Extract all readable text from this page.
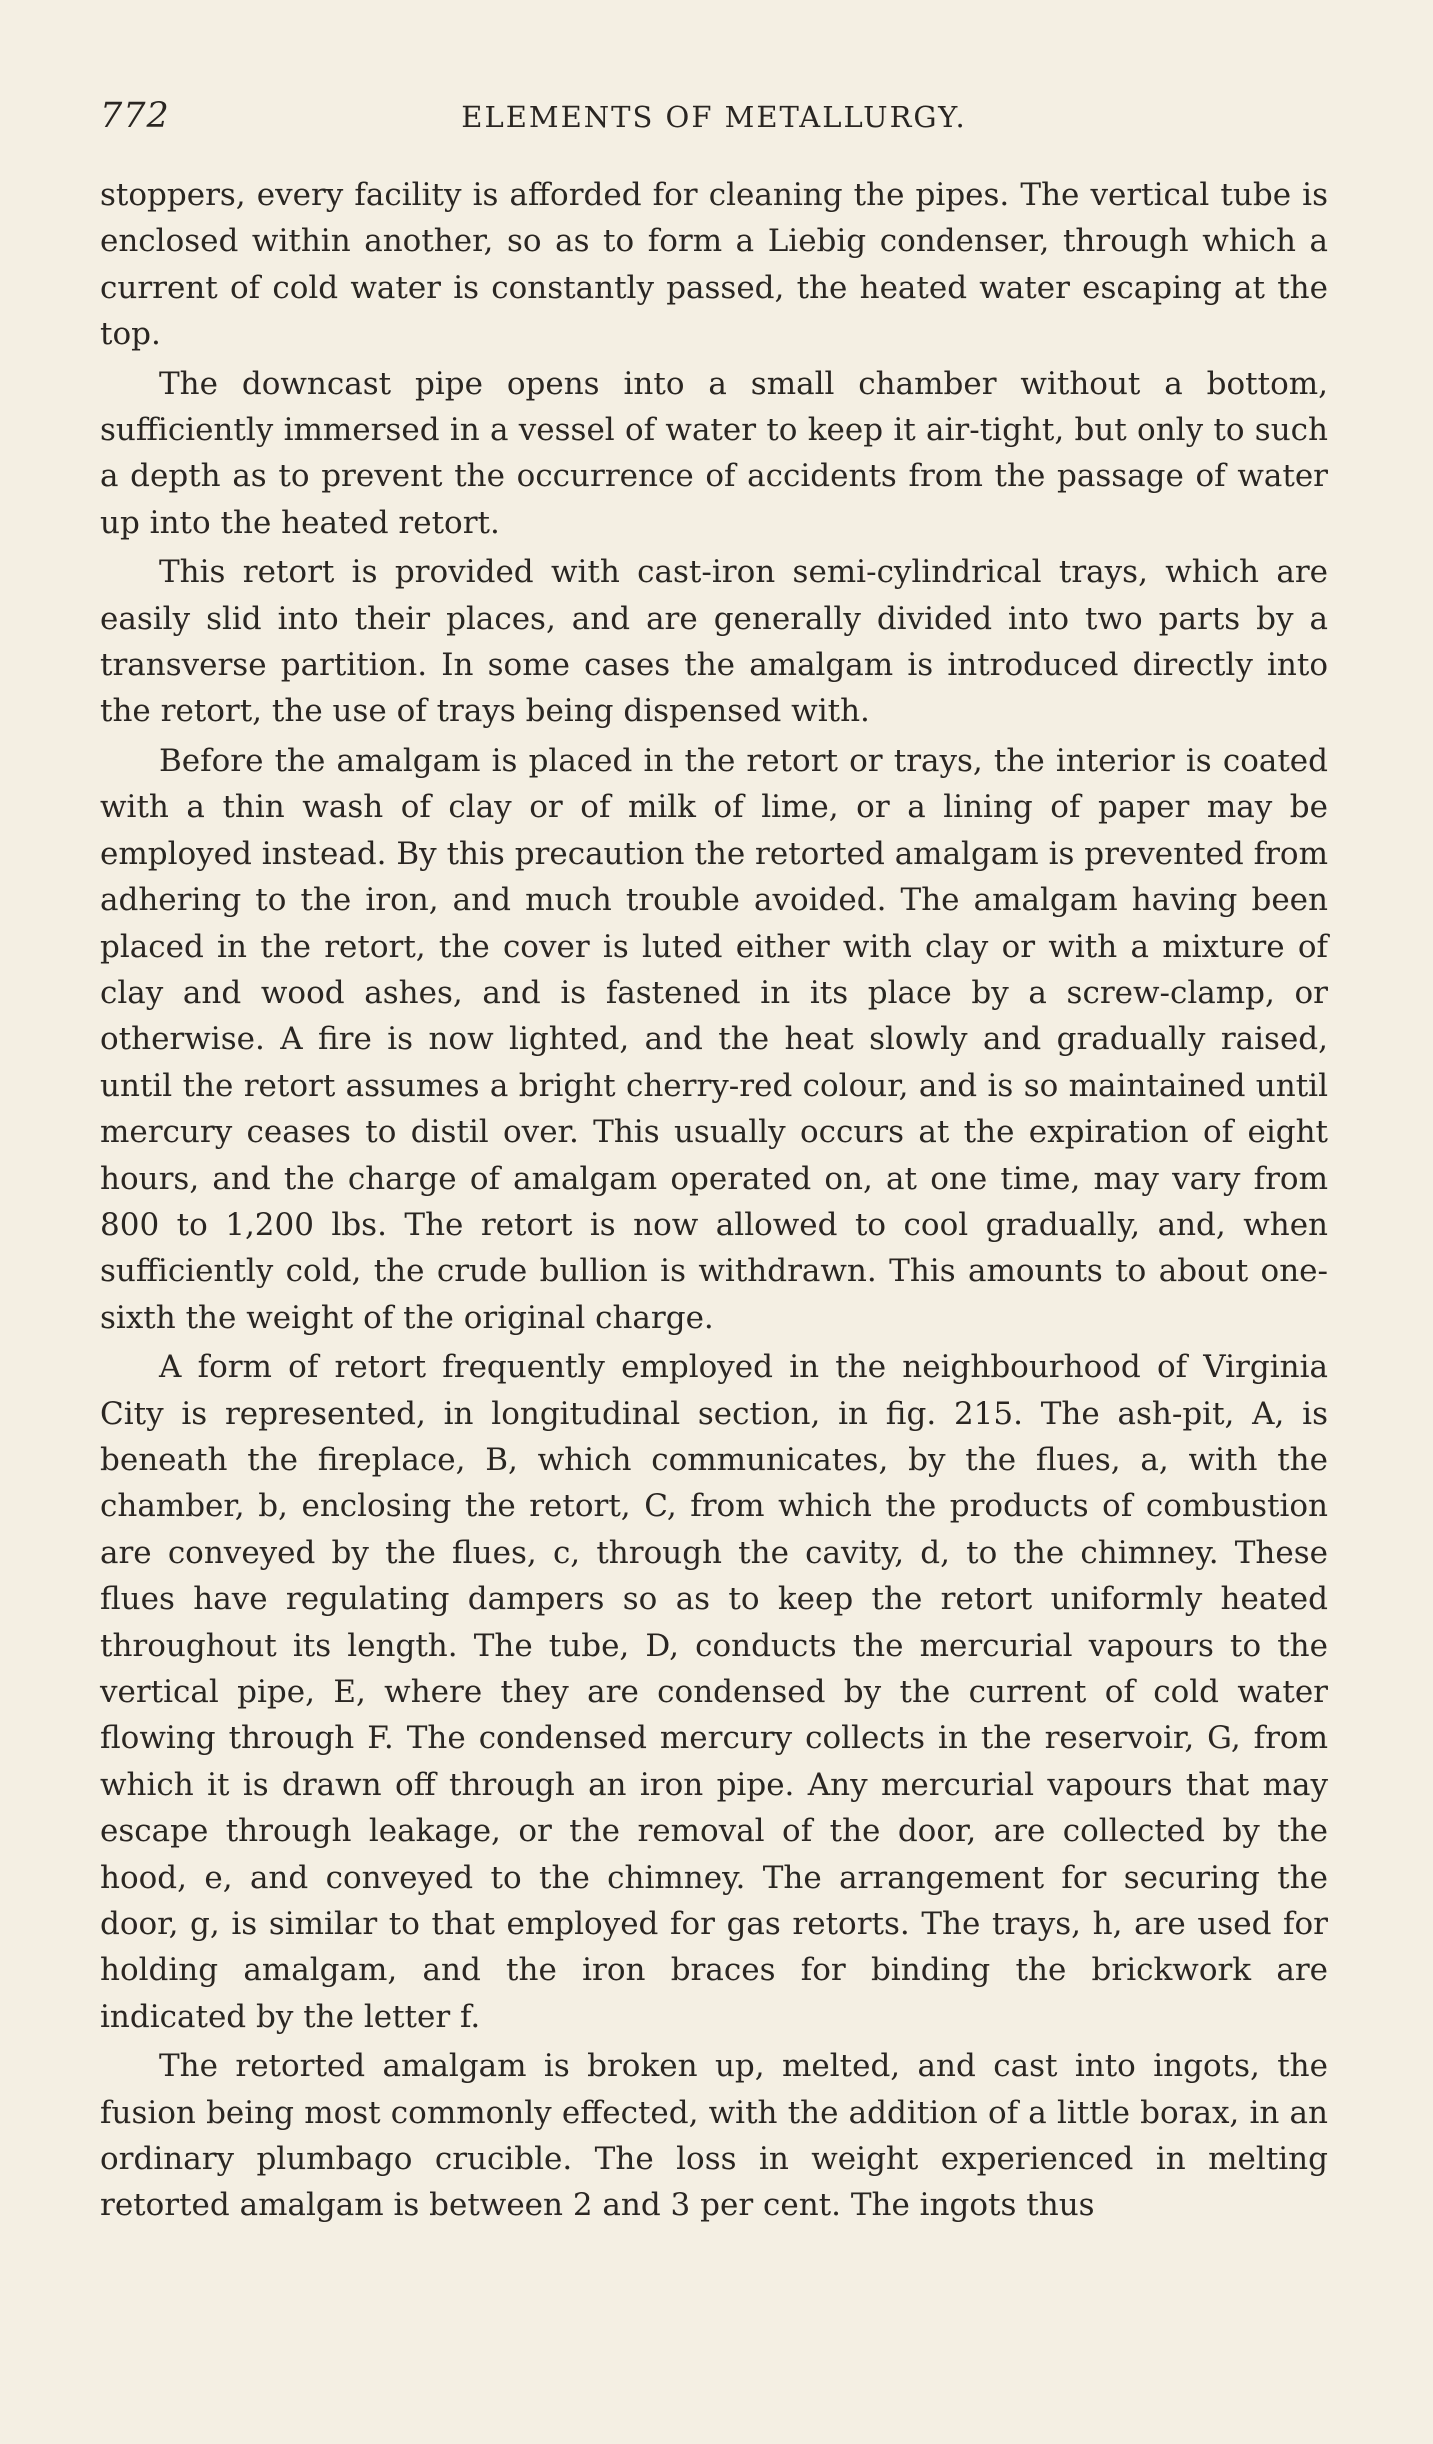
772	ELEMENTS OF METALLURGY.

stoppers, every facility is afforded for cleaning the pipes. The vertical tube is enclosed within another, so as to form a Liebig condenser, through which a current of cold water is constantly passed, the heated water escaping at the top.

The downcast pipe opens into a small chamber without a bottom, sufficiently immersed in a vessel of water to keep it air-tight, but only to such a depth as to prevent the occurrence of accidents from the passage of water up into the heated retort.

This retort is provided with cast-iron semi-cylindrical trays, which are easily slid into their places, and are generally divided into two parts by a transverse partition. In some cases the amalgam is introduced directly into the retort, the use of trays being dispensed with.

Before the amalgam is placed in the retort or trays, the interior is coated with a thin wash of clay or of milk of lime, or a lining of paper may be employed instead. By this precaution the retorted amalgam is prevented from adhering to the iron, and much trouble avoided. The amalgam having been placed in the retort, the cover is luted either with clay or with a mixture of clay and wood ashes, and is fastened in its place by a screw-clamp, or otherwise. A fire is now lighted, and the heat slowly and gradually raised, until the retort assumes a bright cherry-red colour, and is so maintained until mercury ceases to distil over. This usually occurs at the expiration of eight hours, and the charge of amalgam operated on, at one time, may vary from 800 to 1,200 lbs. The retort is now allowed to cool gradually, and, when sufficiently cold, the crude bullion is withdrawn. This amounts to about one-sixth the weight of the original charge.

A form of retort frequently employed in the neighbourhood of Virginia City is represented, in longitudinal section, in fig. 215. The ash-pit, A, is beneath the fireplace, B, which communicates, by the flues, a, with the chamber, b, enclosing the retort, C, from which the products of combustion are conveyed by the flues, c, through the cavity, d, to the chimney. These flues have regulating dampers so as to keep the retort uniformly heated throughout its length. The tube, D, conducts the mercurial vapours to the vertical pipe, E, where they are condensed by the current of cold water flowing through F. The condensed mercury collects in the reservoir, G, from which it is drawn off through an iron pipe. Any mercurial vapours that may escape through leakage, or the removal of the door, are collected by the hood, e, and conveyed to the chimney. The arrangement for securing the door, g, is similar to that employed for gas retorts. The trays, h, are used for holding amalgam, and the iron braces for binding the brickwork are indicated by the letter f.

The retorted amalgam is broken up, melted, and cast into ingots, the fusion being most commonly effected, with the addition of a little borax, in an ordinary plumbago crucible. The loss in weight experienced in melting retorted amalgam is between 2 and 3 per cent. The ingots thus
